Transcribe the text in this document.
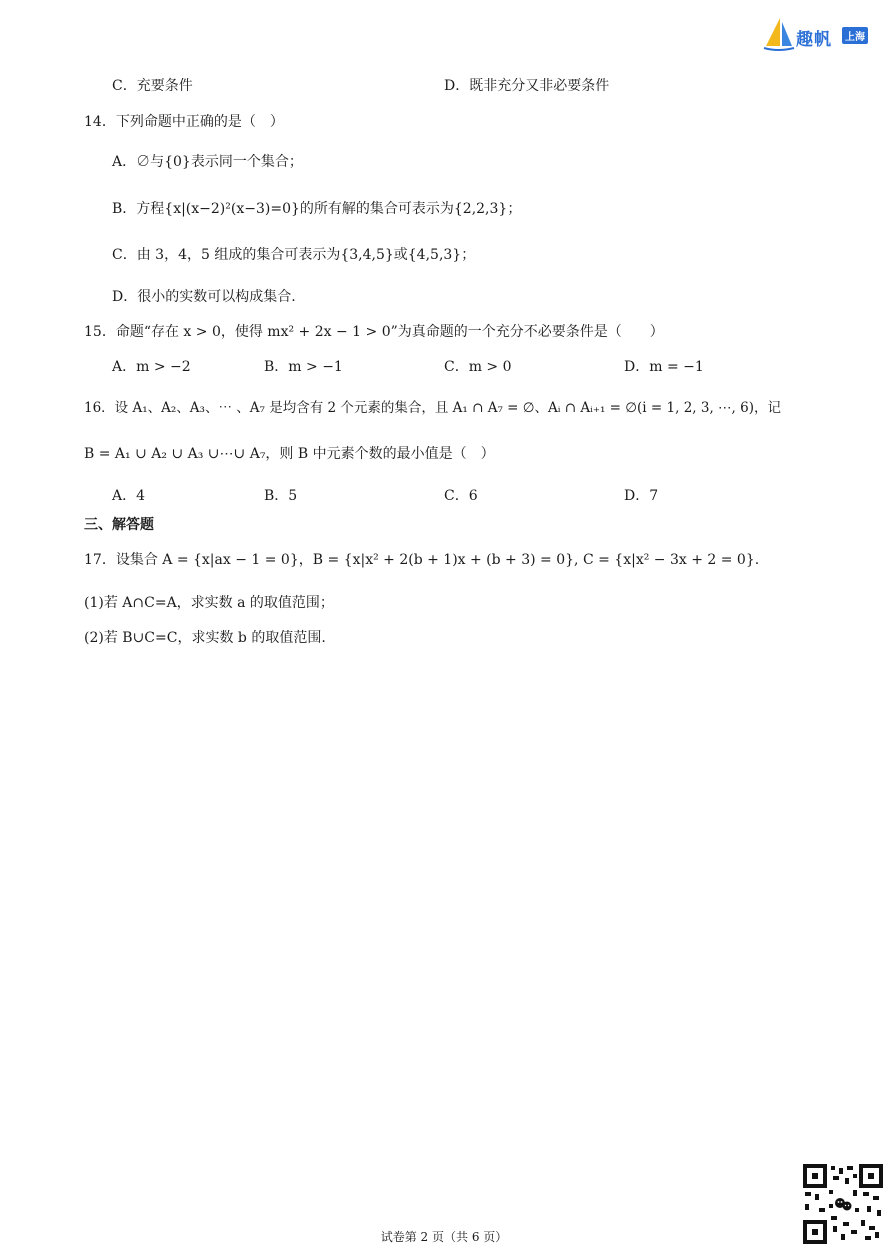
趣帆	上海
C．充要条件	D．既非充分又非必要条件
14．下列命题中正确的是（　）
A．∅与{0}表示同一个集合；
B．方程{x|(x−2)²(x−3)=0}的所有解的集合可表示为{2,2,3}；
C．由 3，4，5 组成的集合可表示为{3,4,5}或{4,5,3}；
D．很小的实数可以构成集合.
15．命题“存在 x > 0，使得 mx² + 2x − 1 > 0”为真命题的一个充分不必要条件是（　　）
A．m > −2	B．m > −1	C．m > 0	D．m = −1
16．设 A₁、A₂、A₃、⋯ 、A₇ 是均含有 2 个元素的集合，且 A₁ ∩ A₇ = ∅、Aᵢ ∩ Aᵢ₊₁ = ∅(i = 1, 2, 3, ⋯, 6)，记
B = A₁ ∪ A₂ ∪ A₃ ∪⋯∪ A₇，则 B 中元素个数的最小值是（　）
A．4	B．5	C．6	D．7
三、解答题
17．设集合 A = {x|ax − 1 = 0}，B = {x|x² + 2(b + 1)x + (b + 3) = 0}, C = {x|x² − 3x + 2 = 0}.
(1)若 A∩C=A，求实数 a 的取值范围；
(2)若 B∪C=C，求实数 b 的取值范围.
试卷第 2 页（共 6 页）
